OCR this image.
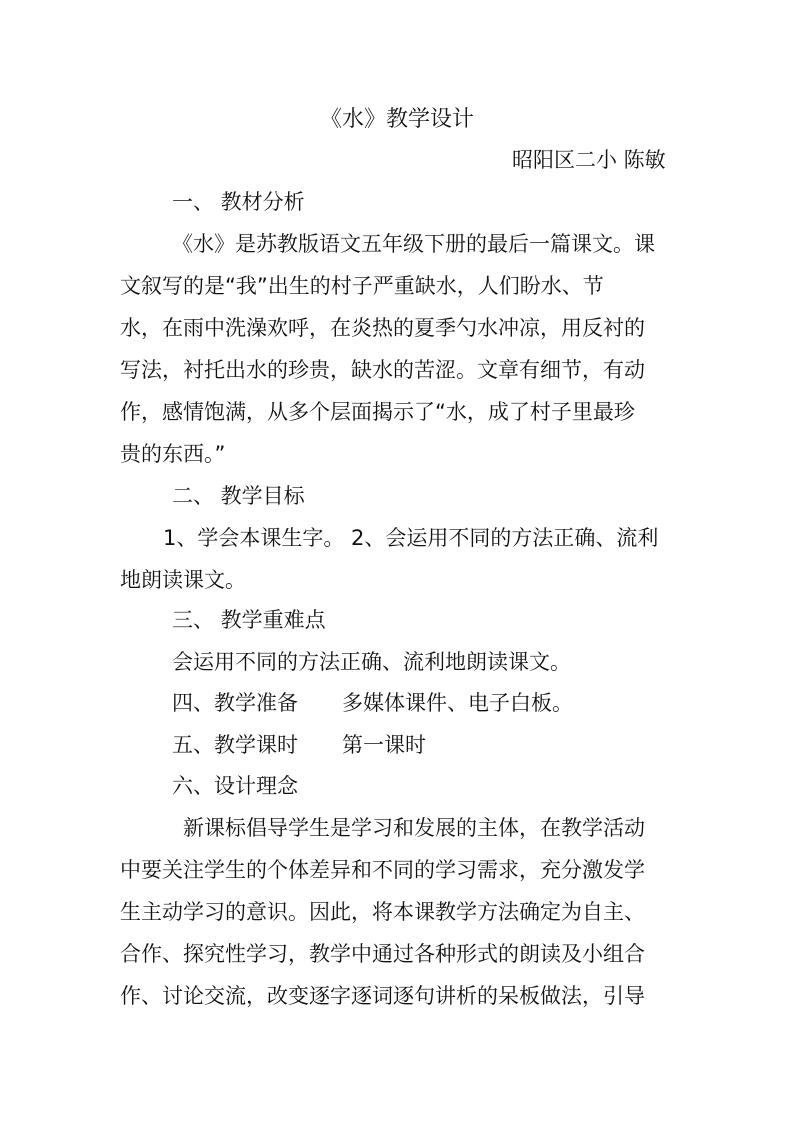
《水》教学设计
昭阳区二小 陈敏
一、 教材分析
《水》是苏教版语文五年级下册的最后一篇课文。课
文叙写的是“我”出生的村子严重缺水，人们盼水、节
水，在雨中洗澡欢呼，在炎热的夏季勺水冲凉，用反衬的
写法，衬托出水的珍贵，缺水的苦涩。文章有细节，有动
作，感情饱满，从多个层面揭示了“水，成了村子里最珍
贵的东西。”
二、 教学目标
1、学会本课生字。 2、会运用不同的方法正确、流利
地朗读课文。
三、 教学重难点
会运用不同的方法正确、流利地朗读课文。
四、教学准备 多媒体课件、电子白板。
五、教学课时 第一课时
六、设计理念
新课标倡导学生是学习和发展的主体，在教学活动
中要关注学生的个体差异和不同的学习需求，充分激发学
生主动学习的意识。因此，将本课教学方法确定为自主、
合作、探究性学习，教学中通过各种形式的朗读及小组合
作、讨论交流，改变逐字逐词逐句讲析的呆板做法，引导
